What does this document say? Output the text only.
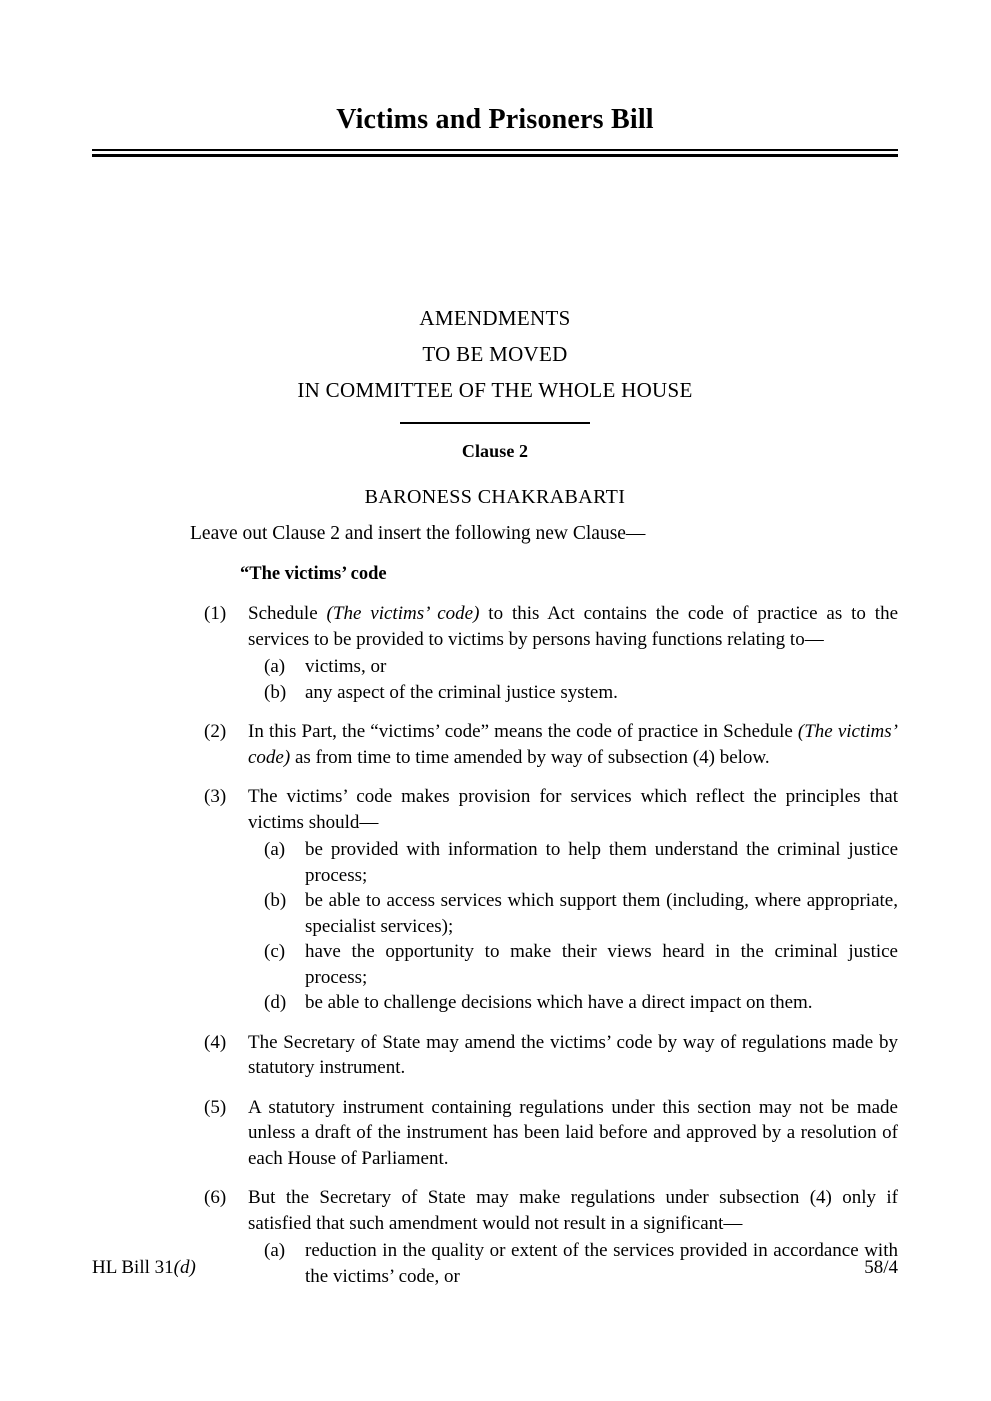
Victims and Prisoners Bill
AMENDMENTS
TO BE MOVED
IN COMMITTEE OF THE WHOLE HOUSE
Clause 2
BARONESS CHAKRABARTI

Leave out Clause 2 and insert the following new Clause—

“The victims’ code

(1)	Schedule (The victims’ code) to this Act contains the code of practice as to the services to be provided to victims by persons having functions relating to—
(a)	victims, or
(b) any aspect of the criminal justice system.
(2)	In this Part, the “victims’ code” means the code of practice in Schedule (The victims’ code) as from time to time amended by way of subsection (4) below.
(3)	The victims’ code makes provision for services which reflect the principles that victims should—
(a)	be provided with information to help them understand the criminal justice process;
(b) be able to access services which support them (including, where appropriate, specialist services);
(c)	have the opportunity to make their views heard in the criminal justice process;
(d) be able to challenge decisions which have a direct impact on them.
(4)	The Secretary of State may amend the victims’ code by way of regulations made by statutory instrument.
(5)	A statutory instrument containing regulations under this section may not be made unless a draft of the instrument has been laid before and approved by a resolution of each House of Parliament.
(6)	But the Secretary of State may make regulations under subsection (4) only if satisfied that such amendment would not result in a significant—
(a)	reduction in the quality or extent of the services provided in accordance with the victims’ code, or
HL Bill 31(d)	58/4
